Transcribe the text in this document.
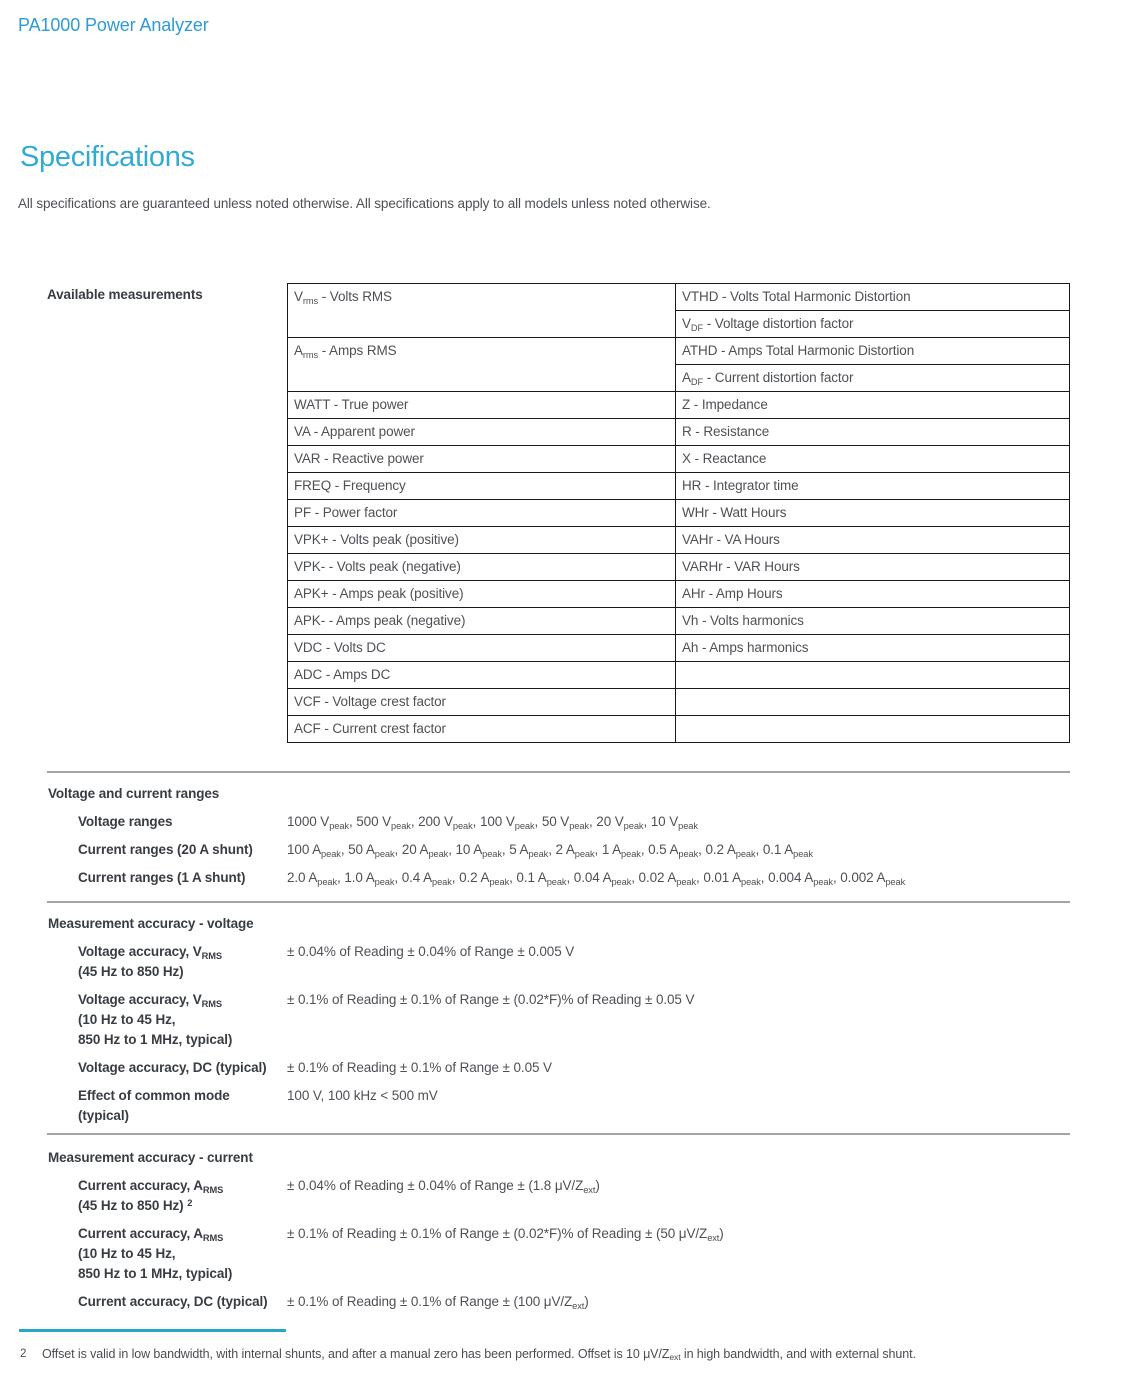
PA1000 Power Analyzer
Specifications
All specifications are guaranteed unless noted otherwise. All specifications apply to all models unless noted otherwise.
Available measurements	$V_{rms}$ - Volts RMS	VTHD - Volts Total Harmonic Distortion
	$V_{DF}$ - Voltage distortion factor
$A_{rms}$ - Amps RMS	ATHD - Amps Total Harmonic Distortion
	$A_{DF}$ - Current distortion factor
WATT - True power	Z - Impedance
VA - Apparent power	R - Resistance
VAR - Reactive power	X - Reactance
FREQ - Frequency	HR - Integrator time
PF - Power factor	WHr - Watt Hours
VPK+ - Volts peak (positive)	VAHr - VA Hours
VPK- - Volts peak (negative)	VARHr - VAR Hours
APK+ - Amps peak (positive)	AHr - Amp Hours
APK- - Amps peak (negative)	Vh - Volts harmonics
VDC - Volts DC	Ah - Amps harmonics
ADC - Amps DC	
VCF - Voltage crest factor	
ACF - Current crest factor	
Voltage and current ranges
Voltage ranges	1000 $V_{peak}$, 500 $V_{peak}$, 200 $V_{peak}$, 100 $V_{peak}$, 50 $V_{peak}$, 20 $V_{peak}$, 10 $V_{peak}$
Current ranges (20 A shunt)	100 $A_{peak}$, 50 $A_{peak}$, 20 $A_{peak}$, 10 $A_{peak}$, 5 $A_{peak}$, 2 $A_{peak}$, 1 $A_{peak}$, 0.5 $A_{peak}$, 0.2 $A_{peak}$, 0.1 $A_{peak}$
Current ranges (1 A shunt)	2.0 $A_{peak}$, 1.0 $A_{peak}$, 0.4 $A_{peak}$, 0.2 $A_{peak}$, 0.1 $A_{peak}$, 0.04 $A_{peak}$, 0.02 $A_{peak}$, 0.01 $A_{peak}$, 0.004 $A_{peak}$, 0.002 $A_{peak}$
Measurement accuracy - voltage
Voltage accuracy, $V_{RMS}$
(45 Hz to 850 Hz)
± 0.04% of Reading ± 0.04% of Range ± 0.005 V
Voltage accuracy, $V_{RMS}$
(10 Hz to 45 Hz,
850 Hz to 1 MHz, typical)
± 0.1% of Reading ± 0.1% of Range ± (0.02*F)% of Reading ± 0.05 V
Voltage accuracy, DC (typical)	± 0.1% of Reading ± 0.1% of Range ± 0.05 V
Effect of common mode
(typical)
100 V, 100 kHz < 500 mV
Measurement accuracy - current
Current accuracy, $A_{RMS}$
(45 Hz to 850 Hz) $^2$
± 0.04% of Reading ± 0.04% of Range ± (1.8 $\mu V/Z_{ext}$)
Current accuracy, $A_{RMS}$
(10 Hz to 45 Hz,
850 Hz to 1 MHz, typical)
± 0.1% of Reading ± 0.1% of Range ± (0.02*F)% of Reading ± (50 $\mu V/Z_{ext}$)
Current accuracy, DC (typical)	± 0.1% of Reading ± 0.1% of Range ± (100 $\mu V/Z_{ext}$)
2	Offset is valid in low bandwidth, with internal shunts, and after a manual zero has been performed. Offset is 10 $\mu V/Z_{ext}$ in high bandwidth, and with external shunt.
